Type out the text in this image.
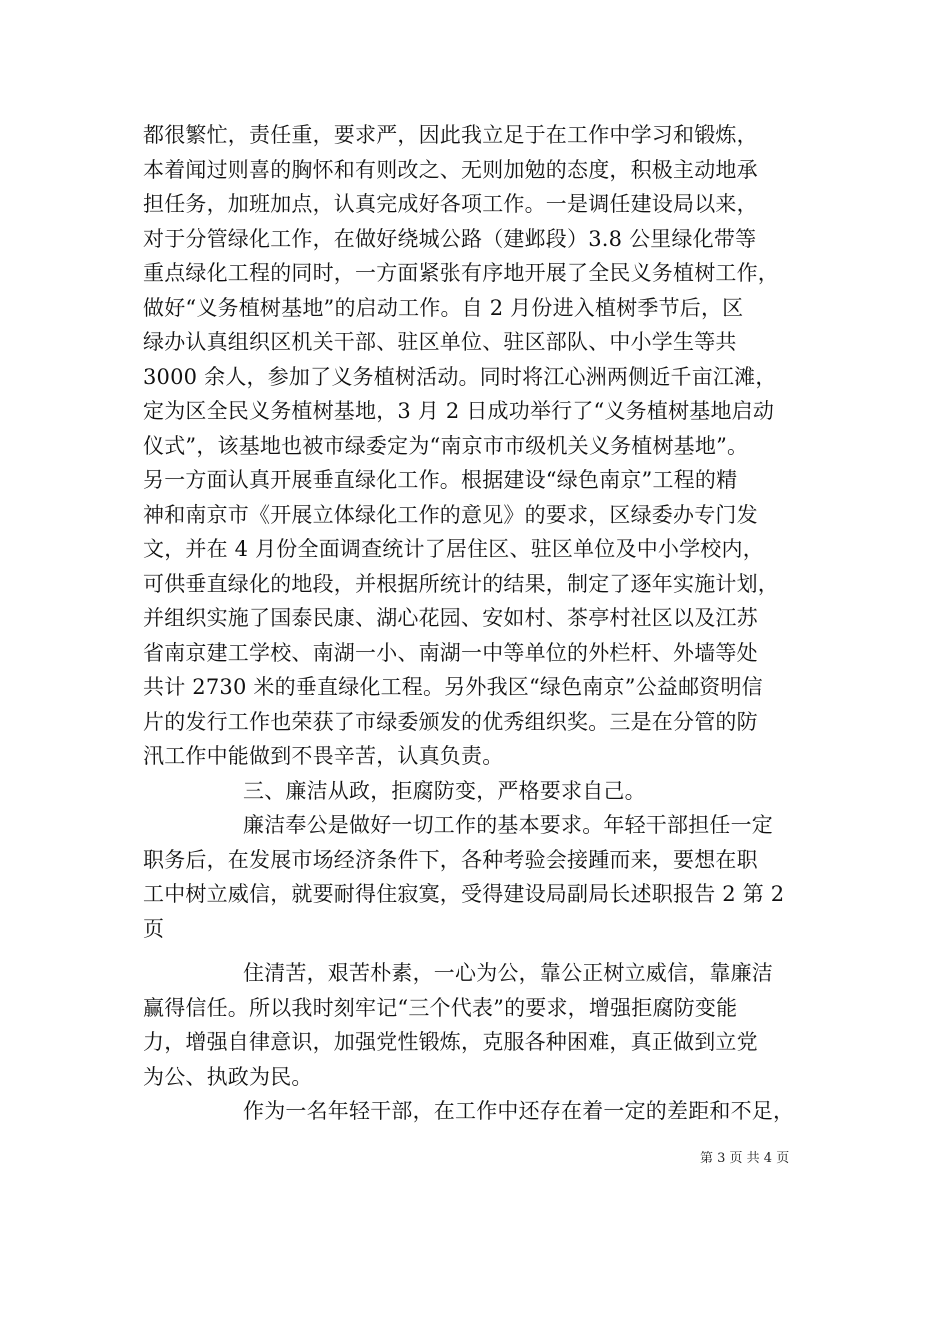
都很繁忙，责任重，要求严，因此我立足于在工作中学习和锻炼，
本着闻过则喜的胸怀和有则改之、无则加勉的态度，积极主动地承
担任务，加班加点，认真完成好各项工作。一是调任建设局以来，
对于分管绿化工作，在做好绕城公路（建邺段）3.8 公里绿化带等
重点绿化工程的同时，一方面紧张有序地开展了全民义务植树工作，
做好“义务植树基地”的启动工作。自 2 月份进入植树季节后，区
绿办认真组织区机关干部、驻区单位、驻区部队、中小学生等共
3000 余人，参加了义务植树活动。同时将江心洲两侧近千亩江滩，
定为区全民义务植树基地，3 月 2 日成功举行了“义务植树基地启动
仪式”，该基地也被市绿委定为“南京市市级机关义务植树基地”。
另一方面认真开展垂直绿化工作。根据建设“绿色南京”工程的精
神和南京市《开展立体绿化工作的意见》的要求，区绿委办专门发
文，并在 4 月份全面调查统计了居住区、驻区单位及中小学校内，
可供垂直绿化的地段，并根据所统计的结果，制定了逐年实施计划，
并组织实施了国泰民康、湖心花园、安如村、茶亭村社区以及江苏
省南京建工学校、南湖一小、南湖一中等单位的外栏杆、外墙等处
共计 2730 米的垂直绿化工程。另外我区“绿色南京”公益邮资明信
片的发行工作也荣获了市绿委颁发的优秀组织奖。三是在分管的防
汛工作中能做到不畏辛苦，认真负责。
三、廉洁从政，拒腐防变，严格要求自己。
廉洁奉公是做好一切工作的基本要求。年轻干部担任一定
职务后，在发展市场经济条件下，各种考验会接踵而来，要想在职
工中树立威信，就要耐得住寂寞，受得建设局副局长述职报告 2 第 2
页
住清苦，艰苦朴素，一心为公，靠公正树立威信，靠廉洁
赢得信任。所以我时刻牢记“三个代表”的要求，增强拒腐防变能
力，增强自律意识，加强党性锻炼，克服各种困难，真正做到立党
为公、执政为民。
作为一名年轻干部，在工作中还存在着一定的差距和不足，
第 3 页 共 4 页
